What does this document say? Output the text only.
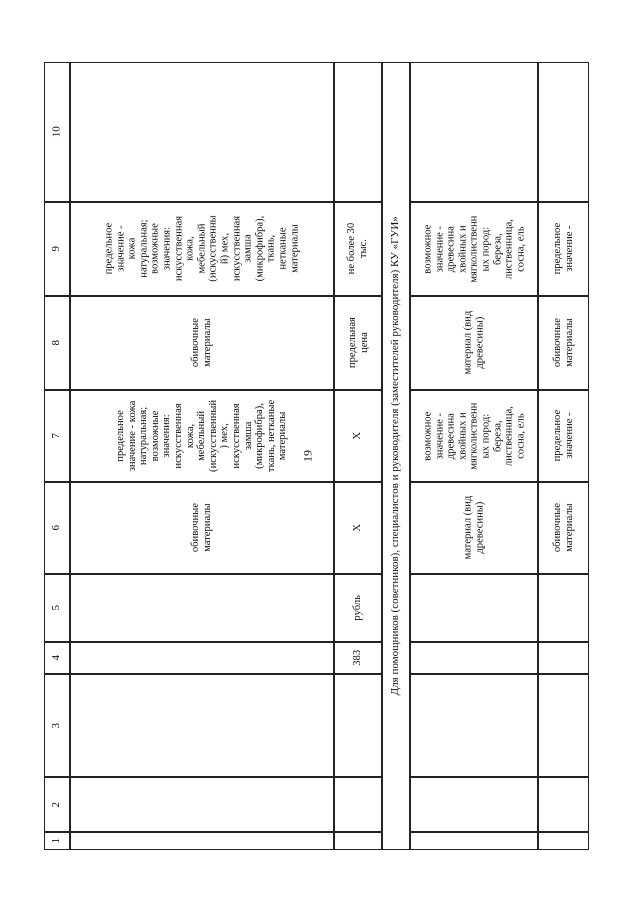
19
1
2
3
4
5
6
7
8
9
10
обивочные
материалы
предельное
значение - кожа
натуральная;
возможные
значения:
искусственная
кожа,
мебельный
(искусственный
) мех,
искусственная
замша
(микрофибра),
ткань, нетканые
материалы
обивочные
материалы
предельное
значение -
кожа
натуральная;
возможные
значения:
искусственная
кожа,
мебельный
(искусственны
й) мех,
искусственная
замша
(микрофибра),
ткань,
нетканые
материалы
383
рубль
X
X
предельная
цена
не более 30
тыс. Для помощников (советников), специалистов и руководителя (заместителей руководителя) КУ «ГУИ»	материал (вид
древесины)
возможное
значение -
древесина
хвойных и
мягколиственн
ых пород:
береза,
лиственница,
сосна, ель
материал (вид
древесины)
возможное
значение -
древесина
хвойных и
мягколиственн
ых пород:
береза,
лиственница,
сосна, ель
обивочные
материалы
предельное
значение -
обивочные
материалы
предельное
значение -
